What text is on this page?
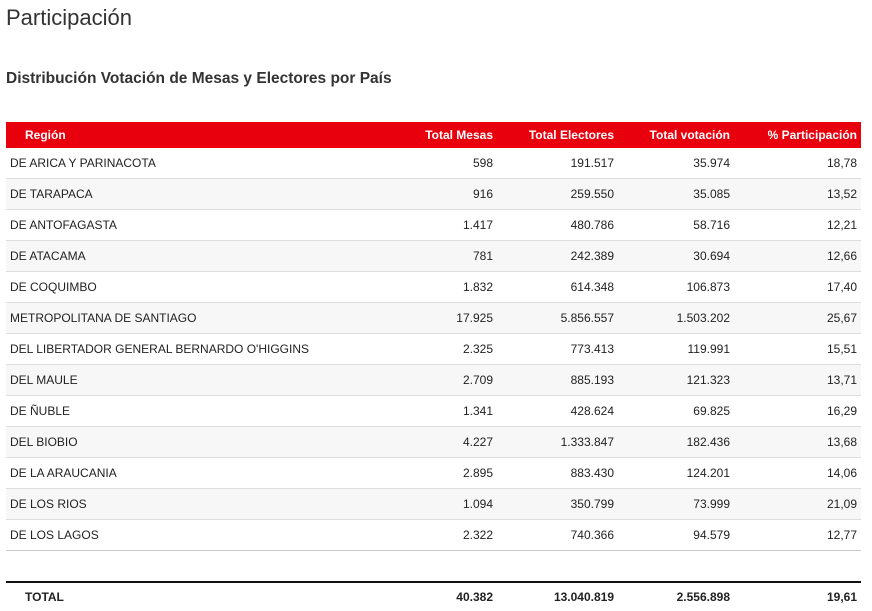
Participación
Distribución Votación de Mesas y Electores por País
Región	Total Mesas	Total Electores	Total votación	% Participación
DE ARICA Y PARINACOTA	598	191.517	35.974	18,78
DE TARAPACA	916	259.550	35.085	13,52
DE ANTOFAGASTA	1.417	480.786	58.716	12,21
DE ATACAMA	781	242.389	30.694	12,66
DE COQUIMBO	1.832	614.348	106.873	17,40
METROPOLITANA DE SANTIAGO	17.925	5.856.557	1.503.202	25,67
DEL LIBERTADOR GENERAL BERNARDO O'HIGGINS	2.325	773.413	119.991	15,51
DEL MAULE	2.709	885.193	121.323	13,71
DE ÑUBLE	1.341	428.624	69.825	16,29
DEL BIOBIO	4.227	1.333.847	182.436	13,68
DE LA ARAUCANIA	2.895	883.430	124.201	14,06
DE LOS RIOS	1.094	350.799	73.999	21,09
DE LOS LAGOS	2.322	740.366	94.579	12,77

TOTAL	40.382	13.040.819	2.556.898	19,61
